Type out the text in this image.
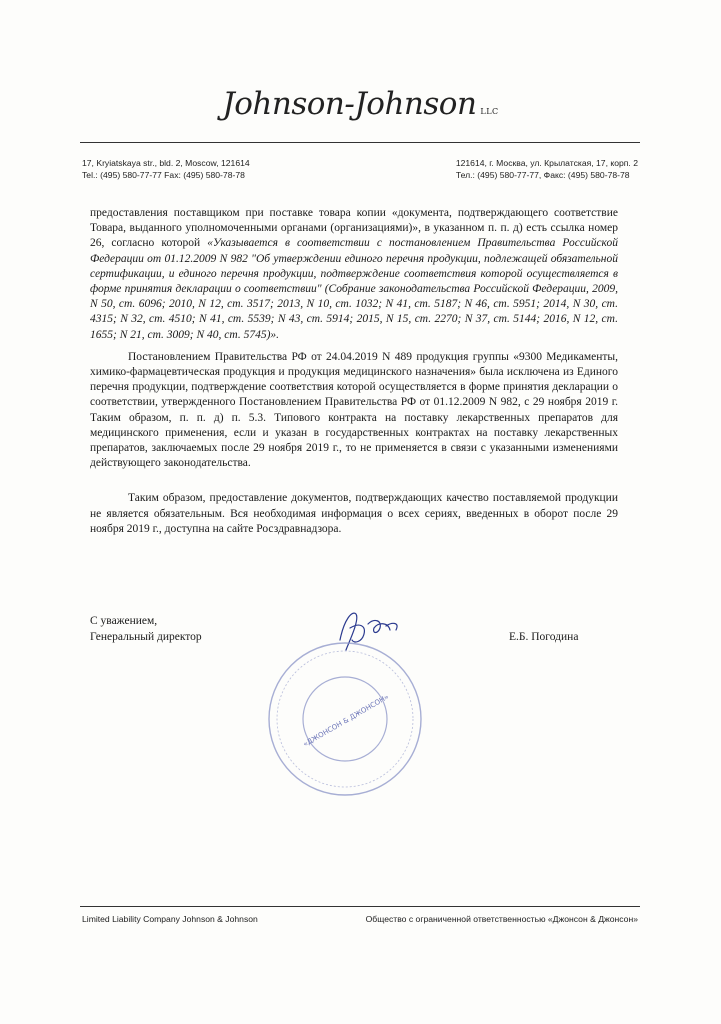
Johnson-Johnson LLC
17, Kryiatskaya str., bld. 2, Moscow, 121614
Tel.: (495) 580-77-77 Fax: (495) 580-78-78
121614, г. Москва, ул. Крылатская, 17, корп. 2
Тел.: (495) 580-77-77, Факс: (495) 580-78-78

предоставления поставщиком при поставке товара копии «документа, подтверждающего соответствие Товара, выданного уполномоченными органами (организациями)», в указанном п. п. д) есть ссылка номер 26, согласно которой «Указывается в соответствии с постановлением Правительства Российской Федерации от 01.12.2009 N 982 "Об утверждении единого перечня продукции, подлежащей обязательной сертификации, и единого перечня продукции, подтверждение соответствия которой осуществляется в форме принятия декларации о соответствии" (Собрание законодательства Российской Федерации, 2009, N 50, ст. 6096; 2010, N 12, ст. 3517; 2013, N 10, ст. 1032; N 41, ст. 5187; N 46, ст. 5951; 2014, N 30, ст. 4315; N 32, ст. 4510; N 41, ст. 5539; N 43, ст. 5914; 2015, N 15, ст. 2270; N 37, ст. 5144; 2016, N 12, ст. 1655; N 21, ст. 3009; N 40, ст. 5745)».

Постановлением Правительства РФ от 24.04.2019 N 489 продукция группы «9300 Медикаменты, химико-фармацевтическая продукция и продукция медицинского назначения» была исключена из Единого перечня продукции, подтверждение соответствия которой осуществляется в форме принятия декларации о соответствии, утвержденного Постановлением Правительства РФ от 01.12.2009 N 982, с 29 ноября 2019 г. Таким образом, п. п. д) п. 5.3. Типового контракта на поставку лекарственных препаратов для медицинского применения, если и указан в государственных контрактах на поставку лекарственных препаратов, заключаемых после 29 ноября 2019 г., то не применяется в связи с указанными изменениями действующего законодательства.

Таким образом, предоставление документов, подтверждающих качество поставляемой продукции не является обязательным. Вся необходимая информация о всех сериях, введенных в оборот после 29 ноября 2019 г., доступна на сайте Росздравнадзора.

С уважением,
Генеральный директор	Е.Б. Погодина
«ДЖОНСОН & ДЖОНСОН»
Limited Liability Company Johnson & Johnson	Общество с ограниченной ответственностью «Джонсон & Джонсон»
